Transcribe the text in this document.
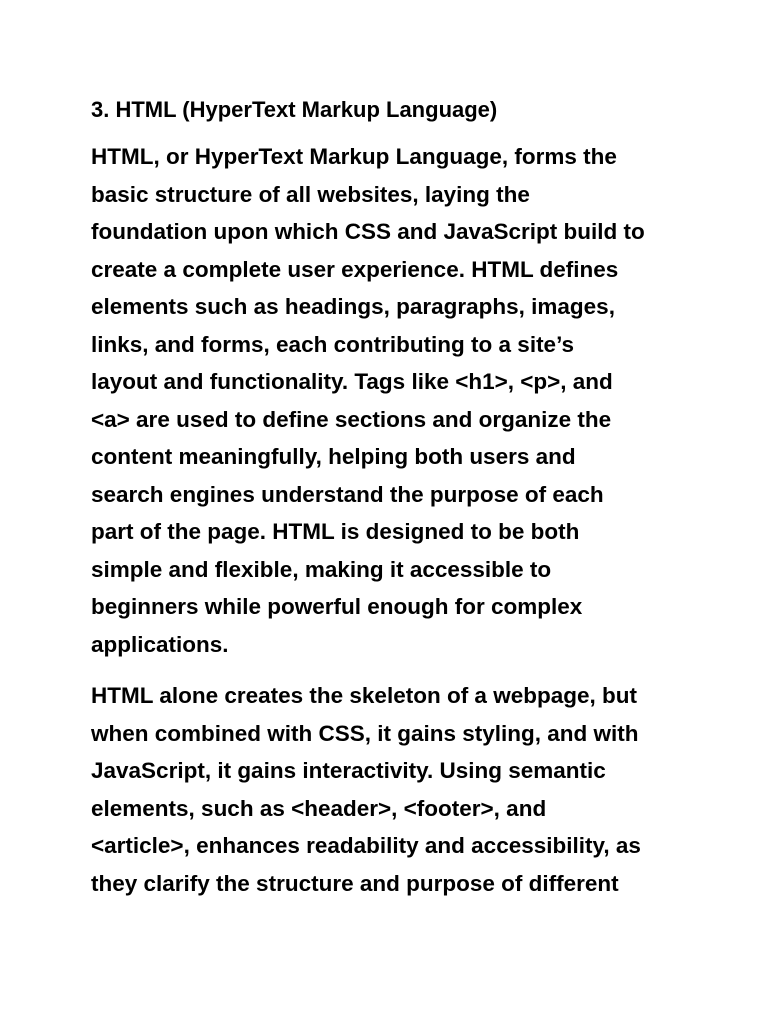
3. HTML (HyperText Markup Language)

HTML, or HyperText Markup Language, forms the
basic structure of all websites, laying the
foundation upon which CSS and JavaScript build to
create a complete user experience. HTML defines
elements such as headings, paragraphs, images,
links, and forms, each contributing to a site’s
layout and functionality. Tags like <h1>, <p>, and
<a> are used to define sections and organize the
content meaningfully, helping both users and
search engines understand the purpose of each
part of the page. HTML is designed to be both
simple and flexible, making it accessible to
beginners while powerful enough for complex
applications.

HTML alone creates the skeleton of a webpage, but
when combined with CSS, it gains styling, and with
JavaScript, it gains interactivity. Using semantic
elements, such as <header>, <footer>, and
<article>, enhances readability and accessibility, as
they clarify the structure and purpose of different
